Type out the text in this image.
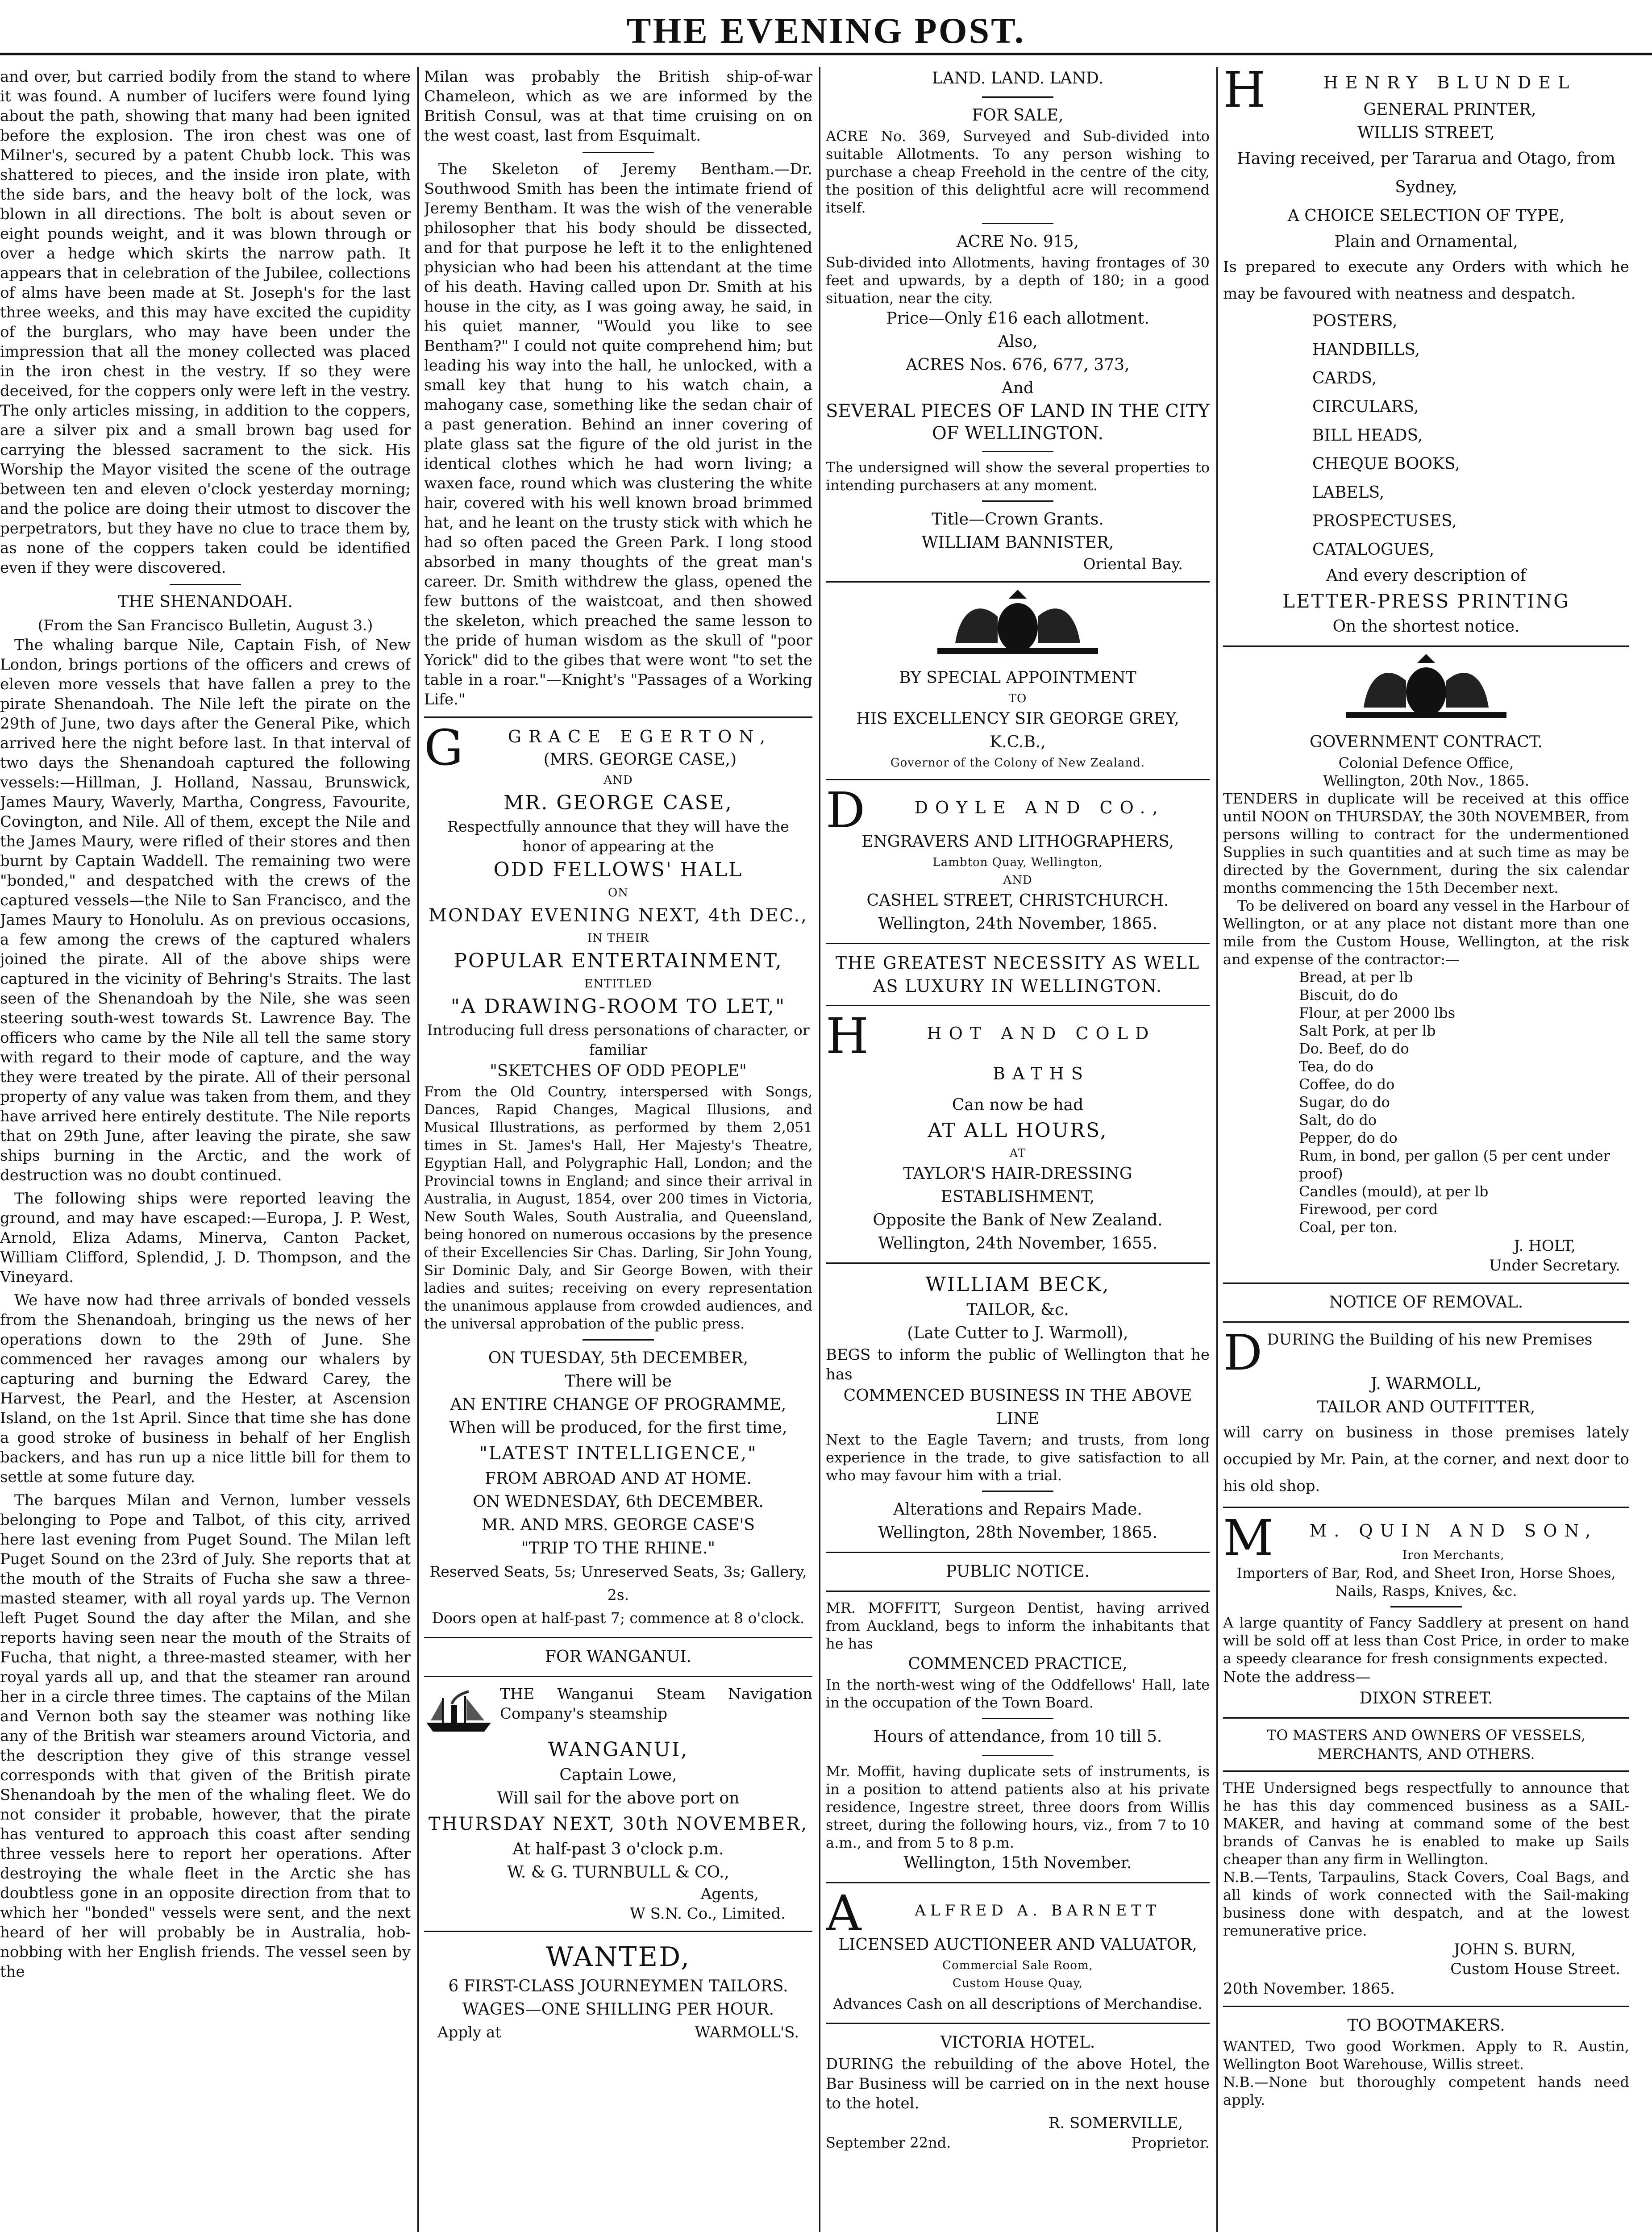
THE EVENING POST.

and over, but carried bodily from the stand to where it was found. A number of lucifers were found lying about the path, showing that many had been ignited before the explosion. The iron chest was one of Milner's, secured by a patent Chubb lock. This was shattered to pieces, and the inside iron plate, with the side bars, and the heavy bolt of the lock, was blown in all directions. The bolt is about seven or eight pounds weight, and it was blown through or over a hedge which skirts the narrow path. It appears that in celebration of the Jubilee, collections of alms have been made at St. Joseph's for the last three weeks, and this may have excited the cupidity of the burglars, who may have been under the impression that all the money collected was placed in the iron chest in the vestry. If so they were deceived, for the coppers only were left in the vestry. The only articles missing, in addition to the coppers, are a silver pix and a small brown bag used for carrying the blessed sacrament to the sick. His Worship the Mayor visited the scene of the outrage between ten and eleven o'clock yesterday morning; and the police are doing their utmost to discover the perpetrators, but they have no clue to trace them by, as none of the coppers taken could be identified even if they were discovered.

THE SHENANDOAH.
(From the San Francisco Bulletin, August 3.)

The whaling barque Nile, Captain Fish, of New London, brings portions of the officers and crews of eleven more vessels that have fallen a prey to the pirate Shenandoah. The Nile left the pirate on the 29th of June, two days after the General Pike, which arrived here the night before last. In that interval of two days the Shenandoah captured the following vessels:—Hillman, J. Holland, Nassau, Brunswick, James Maury, Waverly, Martha, Congress, Favourite, Covington, and Nile. All of them, except the Nile and the James Maury, were rifled of their stores and then burnt by Captain Waddell. The remaining two were "bonded," and despatched with the crews of the captured vessels—the Nile to San Francisco, and the James Maury to Honolulu. As on previous occasions, a few among the crews of the captured whalers joined the pirate. All of the above ships were captured in the vicinity of Behring's Straits. The last seen of the Shenandoah by the Nile, she was seen steering south-west towards St. Lawrence Bay. The officers who came by the Nile all tell the same story with regard to their mode of capture, and the way they were treated by the pirate. All of their personal property of any value was taken from them, and they have arrived here entirely destitute. The Nile reports that on 29th June, after leaving the pirate, she saw ships burning in the Arctic, and the work of destruction was no doubt continued.

The following ships were reported leaving the ground, and may have escaped:—Europa, J. P. West, Arnold, Eliza Adams, Minerva, Canton Packet, William Clifford, Splendid, J. D. Thompson, and the Vineyard.

We have now had three arrivals of bonded vessels from the Shenandoah, bringing us the news of her operations down to the 29th of June. She commenced her ravages among our whalers by capturing and burning the Edward Carey, the Harvest, the Pearl, and the Hester, at Ascension Island, on the 1st April. Since that time she has done a good stroke of business in behalf of her English backers, and has run up a nice little bill for them to settle at some future day.

The barques Milan and Vernon, lumber vessels belonging to Pope and Talbot, of this city, arrived here last evening from Puget Sound. The Milan left Puget Sound on the 23rd of July. She reports that at the mouth of the Straits of Fucha she saw a three-masted steamer, with all royal yards up. The Vernon left Puget Sound the day after the Milan, and she reports having seen near the mouth of the Straits of Fucha, that night, a three-masted steamer, with her royal yards all up, and that the steamer ran around her in a circle three times. The captains of the Milan and Vernon both say the steamer was nothing like any of the British war steamers around Victoria, and the description they give of this strange vessel corresponds with that given of the British pirate Shenandoah by the men of the whaling fleet. We do not consider it probable, however, that the pirate has ventured to approach this coast after sending three vessels here to report her operations. After destroying the whale fleet in the Arctic she has doubtless gone in an opposite direction from that to which her "bonded" vessels were sent, and the next heard of her will probably be in Australia, hob-nobbing with her English friends. The vessel seen by the

Milan was probably the British ship-of-war Chameleon, which as we are informed by the British Consul, was at that time cruising on on the west coast, last from Esquimalt.

The Skeleton of Jeremy Bentham.—Dr. Southwood Smith has been the intimate friend of Jeremy Bentham. It was the wish of the venerable philosopher that his body should be dissected, and for that purpose he left it to the enlightened physician who had been his attendant at the time of his death. Having called upon Dr. Smith at his house in the city, as I was going away, he said, in his quiet manner, "Would you like to see Bentham?" I could not quite comprehend him; but leading his way into the hall, he unlocked, with a small key that hung to his watch chain, a mahogany case, something like the sedan chair of a past generation. Behind an inner covering of plate glass sat the figure of the old jurist in the identical clothes which he had worn living; a waxen face, round which was clustering the white hair, covered with his well known broad brimmed hat, and he leant on the trusty stick with which he had so often paced the Green Park. I long stood absorbed in many thoughts of the great man's career. Dr. Smith withdrew the glass, opened the few buttons of the waistcoat, and then showed the skeleton, which preached the same lesson to the pride of human wisdom as the skull of "poor Yorick" did to the gibes that were wont "to set the table in a roar."—Knight's "Passages of a Working Life."

G	GRACE EGERTON,
(MRS. GEORGE CASE,)
AND
MR. GEORGE CASE,
Respectfully announce that they will have the honor of appearing at the
ODD FELLOWS' HALL
ON
MONDAY EVENING NEXT, 4th DEC.,
IN THEIR
POPULAR ENTERTAINMENT,
ENTITLED
"A DRAWING-ROOM TO LET,"
Introducing full dress personations of character, or familiar
"SKETCHES OF ODD PEOPLE"
From the Old Country, interspersed with Songs, Dances, Rapid Changes, Magical Illusions, and Musical Illustrations, as performed by them 2,051 times in St. James's Hall, Her Majesty's Theatre, Egyptian Hall, and Polygraphic Hall, London; and the Provincial towns in England; and since their arrival in Australia, in August, 1854, over 200 times in Victoria, New South Wales, South Australia, and Queensland, being honored on numerous occasions by the presence of their Excellencies Sir Chas. Darling, Sir John Young, Sir Dominic Daly, and Sir George Bowen, with their ladies and suites; receiving on every representation the unanimous applause from crowded audiences, and the universal approbation of the public press.
ON TUESDAY, 5th DECEMBER,
There will be
AN ENTIRE CHANGE OF PROGRAMME,
When will be produced, for the first time,
"LATEST INTELLIGENCE,"
FROM ABROAD AND AT HOME.
ON WEDNESDAY, 6th DECEMBER.
MR. AND MRS. GEORGE CASE'S
"TRIP TO THE RHINE."
Reserved Seats, 5s; Unreserved Seats, 3s; Gallery, 2s.
Doors open at half-past 7; commence at 8 o'clock.
FOR WANGANUI.
THE Wanganui Steam Navigation Company's steamship
WANGANUI,
Captain Lowe,
Will sail for the above port on
THURSDAY NEXT, 30th NOVEMBER,
At half-past 3 o'clock p.m.
W. & G. TURNBULL & CO.,
Agents,
W S.N. Co., Limited.
WANTED,
6 FIRST-CLASS JOURNEYMEN TAILORS.
WAGES—ONE SHILLING PER HOUR.
Apply at	WARMOLL'S.
LAND. LAND. LAND.
FOR SALE,
ACRE No. 369, Surveyed and Sub-divided into suitable Allotments. To any person wishing to purchase a cheap Freehold in the centre of the city, the position of this delightful acre will recommend itself.
ACRE No. 915,
Sub-divided into Allotments, having frontages of 30 feet and upwards, by a depth of 180; in a good situation, near the city.
Price—Only £16 each allotment.
Also,
ACRES Nos. 676, 677, 373,
And
SEVERAL PIECES OF LAND IN THE CITY OF WELLINGTON.
The undersigned will show the several properties to intending purchasers at any moment.
Title—Crown Grants.
WILLIAM BANNISTER,
Oriental Bay.
BY SPECIAL APPOINTMENT
TO
HIS EXCELLENCY SIR GEORGE GREY, K.C.B.,
Governor of the Colony of New Zealand.
D	DOYLE AND CO.,
ENGRAVERS AND LITHOGRAPHERS,
Lambton Quay, Wellington,
AND
CASHEL STREET, CHRISTCHURCH.
Wellington, 24th November, 1865.
THE GREATEST NECESSITY AS WELL AS LUXURY IN WELLINGTON.
H	HOT AND COLD BATHS
Can now be had
AT ALL HOURS,
AT
TAYLOR'S HAIR-DRESSING ESTABLISHMENT,
Opposite the Bank of New Zealand.
Wellington, 24th November, 1655.
WILLIAM BECK,
TAILOR, &c.
(Late Cutter to J. Warmoll),
BEGS to inform the public of Wellington that he has
COMMENCED BUSINESS IN THE ABOVE LINE
Next to the Eagle Tavern; and trusts, from long experience in the trade, to give satisfaction to all who may favour him with a trial.
Alterations and Repairs Made.
Wellington, 28th November, 1865.
PUBLIC NOTICE.
MR. MOFFITT, Surgeon Dentist, having arrived from Auckland, begs to inform the inhabitants that he has
COMMENCED PRACTICE,
In the north-west wing of the Oddfellows' Hall, late in the occupation of the Town Board.
Hours of attendance, from 10 till 5.
Mr. Moffit, having duplicate sets of instruments, is in a position to attend patients also at his private residence, Ingestre street, three doors from Willis street, during the following hours, viz., from 7 to 10 a.m., and from 5 to 8 p.m.
Wellington, 15th November.
A	ALFRED A. BARNETT
LICENSED AUCTIONEER AND VALUATOR,
Commercial Sale Room,
Custom House Quay,
Advances Cash on all descriptions of Merchandise.
VICTORIA HOTEL.
DURING the rebuilding of the above Hotel, the Bar Business will be carried on in the next house to the hotel.
R. SOMERVILLE,
September 22nd.	Proprietor.
H	HENRY BLUNDEL
GENERAL PRINTER,
WILLIS STREET,
Having received, per Tararua and Otago, from Sydney,
A CHOICE SELECTION OF TYPE,
Plain and Ornamental,
Is prepared to execute any Orders with which he may be favoured with neatness and despatch.
POSTERS,
HANDBILLS,
CARDS,
CIRCULARS,
BILL HEADS,
CHEQUE BOOKS,
LABELS,
PROSPECTUSES,
CATALOGUES,
And every description of
LETTER-PRESS PRINTING
On the shortest notice.
GOVERNMENT CONTRACT.
Colonial Defence Office,
Wellington, 20th Nov., 1865.
TENDERS in duplicate will be received at this office until NOON on THURSDAY, the 30th NOVEMBER, from persons willing to contract for the undermentioned Supplies in such quantities and at such time as may be directed by the Government, during the six calendar months commencing the 15th December next.
To be delivered on board any vessel in the Harbour of Wellington, or at any place not distant more than one mile from the Custom House, Wellington, at the risk and expense of the contractor:—
Bread, at per lb
Biscuit, do do
Flour, at per 2000 lbs
Salt Pork, at per lb
Do. Beef, do do
Tea, do do
Coffee, do do
Sugar, do do
Salt, do do
Pepper, do do
Rum, in bond, per gallon (5 per cent under proof)
Candles (mould), at per lb
Firewood, per cord
Coal, per ton.
J. HOLT,
Under Secretary.
NOTICE OF REMOVAL.
D DURING the Building of his new Premises
J. WARMOLL,
TAILOR AND OUTFITTER,
will carry on business in those premises lately occupied by Mr. Pain, at the corner, and next door to his old shop.
M	M. QUIN AND SON,
Iron Merchants,
Importers of Bar, Rod, and Sheet Iron, Horse Shoes, Nails, Rasps, Knives, &c.
A large quantity of Fancy Saddlery at present on hand will be sold off at less than Cost Price, in order to make a speedy clearance for fresh consignments expected.
Note the address—
DIXON STREET.
TO MASTERS AND OWNERS OF VESSELS, MERCHANTS, AND OTHERS.
THE Undersigned begs respectfully to announce that he has this day commenced business as a SAIL-MAKER, and having at command some of the best brands of Canvas he is enabled to make up Sails cheaper than any firm in Wellington.
N.B.—Tents, Tarpaulins, Stack Covers, Coal Bags, and all kinds of work connected with the Sail-making business done with despatch, and at the lowest remunerative price.
JOHN S. BURN,
Custom House Street.
20th November. 1865.
TO BOOTMAKERS.
WANTED, Two good Workmen. Apply to R. Austin, Wellington Boot Warehouse, Willis street.
N.B.—None but thoroughly competent hands need apply.
